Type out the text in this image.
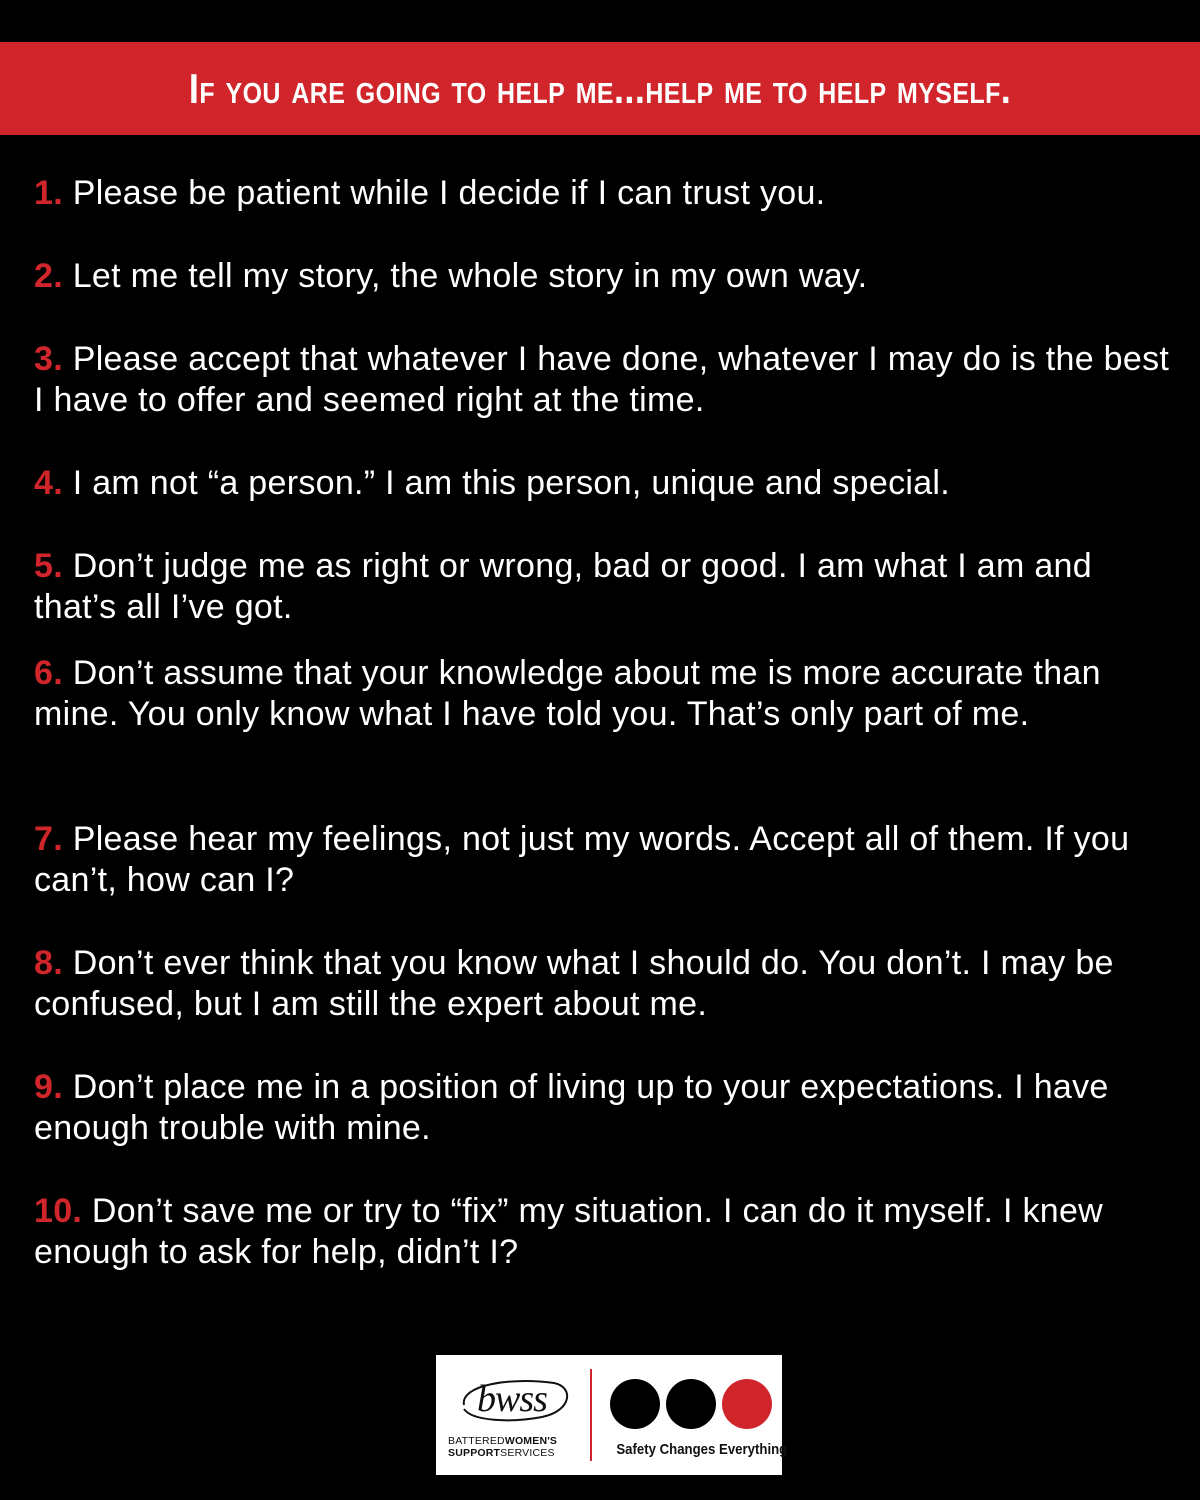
If you are going to help me...help me to help myself.
1. Please be patient while I decide if I can trust you.
2. Let me tell my story, the whole story in my own way.
3. Please accept that whatever I have done, whatever I may do is the best I have to offer and seemed right at the time.
4. I am not “a person.” I am this person, unique and special.
5. Don’t judge me as right or wrong, bad or good. I am what I am and that’s all I’ve got.
6. Don’t assume that your knowledge about me is more accurate than mine. You only know what I have told you. That’s only part of me.
7. Please hear my feelings, not just my words. Accept all of them. If you can’t, how can I?
8. Don’t ever think that you know what I should do. You don’t. I may be confused, but I am still the expert about me.
9. Don’t place me in a position of living up to your expectations. I have enough trouble with mine.
10. Don’t save me or try to “fix” my situation. I can do it myself. I knew enough to ask for help, didn’t I?
bwss
BATTEREDWOMEN'S
SUPPORTSERVICES	Safety Changes Everything
